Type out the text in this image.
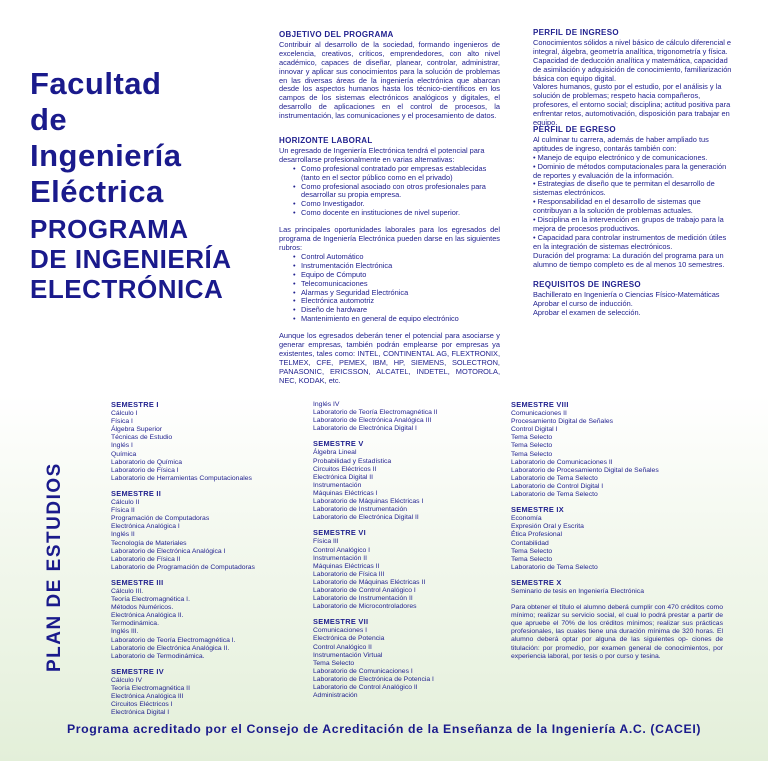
Facultad
de
Ingeniería
Eléctrica
PROGRAMA
DE INGENIERÍA
ELECTRÓNICA
OBJETIVO DEL PROGRAMA

Contribuir al desarrollo de la sociedad, formando ingenieros de excelencia, creativos, críticos, emprendedores, con alto nivel académico, capaces de diseñar, planear, controlar, administrar, innovar y aplicar sus conocimientos para la solución de problemas en las diversas áreas de la ingeniería electrónica que abarcan desde los aspectos humanos hasta los técnico-científicos en los campos de los sistemas electrónicos analógicos y digitales, el desarrollo de aplicaciones en el control de procesos, la instrumentación, las comunicaciones y el procesamiento de datos.

HORIZONTE LABORAL

Un egresado de Ingeniería Electrónica tendrá el potencial para desarrollarse profesionalmente en varias alternativas:

• Como profesional contratado por empresas establecidas (tanto en el sector público como en el privado)
• Como profesional asociado con otros profesionales para desarrollar su propia empresa.
• Como Investigador.
• Como docente en instituciones de nivel superior.

Las principales oportunidades laborales para los egresados del programa de Ingeniería Electrónica pueden darse en las siguientes rubros:

• Control Automático
• Instrumentación Electrónica
• Equipo de Cómputo
• Telecomunicaciones
• Alarmas y Seguridad Electrónica
• Electrónica automotriz
• Diseño de hardware
• Mantenimiento en general de equipo electrónico

Aunque los egresados deberán tener el potencial para asociarse y generar empresas, también podrán emplearse por empresas ya existentes, tales como: INTEL, CONTINENTAL AG, FLEXTRONIX, TELMEX, CFE, PEMEX, IBM, HP, SIEMENS, SOLECTRON, PANASONIC, ERICSSON, ALCATEL, INDETEL, MOTOROLA, NEC, KODAK, etc.

PERFIL DE INGRESO

Conocimientos sólidos a nivel básico de cálculo diferencial e integral, álgebra, geometría analítica, trigonometría y física.

Capacidad de deducción analítica y matemática, capacidad de asimilación y adquisición de conocimiento, familiarización básica con equipo digital.

Valores humanos, gusto por el estudio, por el análisis y la solución de problemas; respeto hacia compañeros, profesores, el entorno social; disciplina; actitud positiva para enfrentar retos, automotivación, disposición para trabajar en equipo.

PERFIL DE EGRESO

Al culminar tu carrera, además de haber ampliado tus aptitudes de ingreso, contarás también con:

• Manejo de equipo electrónico y de comunicaciones.

• Dominio de métodos computacionales para la generación de reportes y evaluación de la información.

• Estrategias de diseño que te permitan el desarrollo de sistemas electrónicos.

• Responsabilidad en el desarrollo de sistemas que contribuyan a la solución de problemas actuales.

• Disciplina en la intervención en grupos de trabajo para la mejora de procesos productivos.

• Capacidad para controlar instrumentos de medición útiles en la integración de sistemas electrónicos.

Duración del programa: La duración del programa para un alumno de tiempo completo es de al menos 10 semestres.

REQUISITOS DE INGRESO

Bachillerato en Ingeniería o Ciencias Físico-Matemáticas Aprobar el curso de inducción.

Aprobar el examen de selección.

PLAN DE ESTUDIOS
SEMESTRE I
Cálculo I
Física I
Álgebra Superior
Técnicas de Estudio
Inglés I
Química
Laboratorio de Química
Laboratorio de Física I
Laboratorio de Herramientas Computacionales
SEMESTRE II
Cálculo II
Física II
Programación de Computadoras
Electrónica Analógica I
Inglés II
Tecnología de Materiales
Laboratorio de Electrónica Analógica I
Laboratorio de Física II
Laboratorio de Programación de Computadoras
SEMESTRE III
Cálculo III.
Teoría Electromagnética I.
Métodos Numéricos.
Electrónica Analógica II.
Termodinámica.
Inglés III.
Laboratorio de Teoría Electromagnética I.
Laboratorio de Electrónica Analógica II.
Laboratorio de Termodinámica.
SEMESTRE IV
Cálculo IV
Teoría Electromagnética II
Electrónica Analógica III
Circuitos Eléctricos I
Electrónica Digital I
Inglés IV
Laboratorio de Teoría Electromagnética II
Laboratorio de Electrónica Analógica III
Laboratorio de Electrónica Digital I
SEMESTRE V
Álgebra Lineal
Probabilidad y Estadística
Circuitos Eléctricos II
Electrónica Digital II
Instrumentación
Máquinas Eléctricas I
Laboratorio de Máquinas Eléctricas I
Laboratorio de Instrumentación
Laboratorio de Electrónica Digital II
SEMESTRE VI
Física III
Control Analógico I
Instrumentación II
Máquinas Eléctricas II
Laboratorio de Física III
Laboratorio de Máquinas Eléctricas II
Laboratorio de Control Analógico I
Laboratorio de Instrumentación II
Laboratorio de Microcontroladores
SEMESTRE VII
Comunicaciones I
Electrónica de Potencia
Control Analógico II
Instrumentación Virtual
Tema Selecto
Laboratorio de Comunicaciones I
Laboratorio de Electrónica de Potencia I
Laboratorio de Control Analógico II
Administración
SEMESTRE VIII
Comunicaciones II
Procesamiento Digital de Señales
Control Digital I
Tema Selecto
Tema Selecto
Tema Selecto
Laboratorio de Comunicaciones II
Laboratorio de Procesamiento Digital de Señales
Laboratorio de Tema Selecto
Laboratorio de Control Digital I
Laboratorio de Tema Selecto
SEMESTRE IX
Economía
Expresión Oral y Escrita
Ética Profesional
Contabilidad
Tema Selecto
Tema Selecto
Laboratorio de Tema Selecto
SEMESTRE X
Seminario de tesis en Ingeniería Electrónica

Para obtener el título el alumno deberá cumplir con 470 créditos como mínimo; realizar su servicio social, el cual lo podrá prestar a partir de que apruebe el 70% de los créditos mínimos; realizar sus prácticas profesionales, las cuales tiene una duración mínima de 320 horas. El alumno deberá optar por alguna de las siguientes op- ciones de titulación: por promedio, por examen general de conocimientos, por experiencia laboral, por tesis o por curso y tesina.

Programa acreditado por el Consejo de Acreditación de la Enseñanza de la Ingeniería A.C. (CACEI)
